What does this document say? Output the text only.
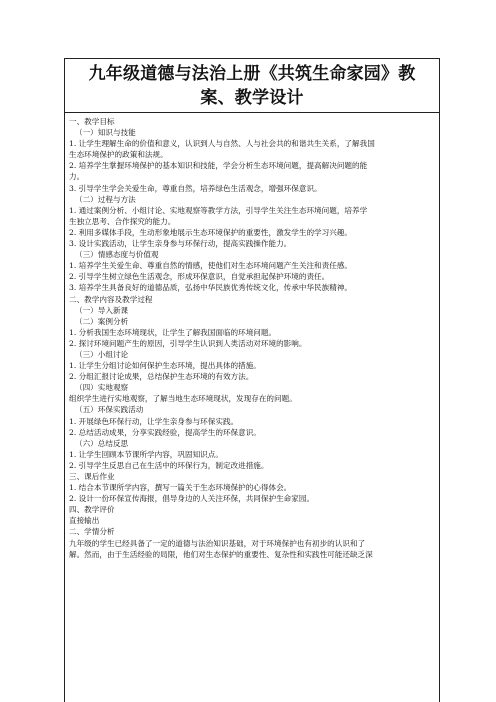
九年级道德与法治上册《共筑生命家园》教
案、教学设计
一、教学目标
（一）知识与技能
1. 让学生理解生命的价值和意义，认识到人与自然、人与社会共的和谐共生关系，了解我国
生态环境保护的政策和法规。
2. 培养学生掌握环境保护的基本知识和技能，学会分析生态环境问题，提高解决问题的能
力。
3. 引导学生学会关爱生命，尊重自然，培养绿色生活观念，增强环保意识。
（二）过程与方法
1. 通过案例分析、小组讨论、实地观察等教学方法，引导学生关注生态环境问题，培养学
生独立思考、合作探究的能力。
2. 利用多媒体手段，生动形象地展示生态环境保护的重要性，激发学生的学习兴趣。
3. 设计实践活动，让学生亲身参与环保行动，提高实践操作能力。
（三）情感态度与价值观
1. 培养学生关爱生命、尊重自然的情感，使他们对生态环境问题产生关注和责任感。
2. 引导学生树立绿色生活观念，形成环保意识，自觉承担起保护环境的责任。
3. 培养学生具备良好的道德品质，弘扬中华民族优秀传统文化，传承中华民族精神。
二、教学内容及教学过程
（一）导入新课
（二）案例分析
1. 分析我国生态环境现状，让学生了解我国面临的环境问题。
2. 探讨环境问题产生的原因，引导学生认识到人类活动对环境的影响。
（三）小组讨论
1. 让学生分组讨论如何保护生态环境，提出具体的措施。
2. 分组汇报讨论成果，总结保护生态环境的有效方法。
（四）实地观察
组织学生进行实地观察，了解当地生态环境现状，发现存在的问题。
（五）环保实践活动
1. 开展绿色环保行动，让学生亲身参与环保实践。
2. 总结活动成果，分享实践经验，提高学生的环保意识。
（六）总结反思
1. 让学生回顾本节课所学内容，巩固知识点。
2. 引导学生反思自己在生活中的环保行为，制定改进措施。
三、课后作业
1. 结合本节课所学内容，撰写一篇关于生态环境保护的心得体会。
2. 设计一份环保宣传海报，倡导身边的人关注环保，共同保护生命家园。
四、教学评价
直接输出
二、学情分析
九年级的学生已经具备了一定的道德与法治知识基础，对于环境保护也有初步的认识和了
解。然而，由于生活经验的局限，他们对生态保护的重要性、复杂性和实践性可能还缺乏深
